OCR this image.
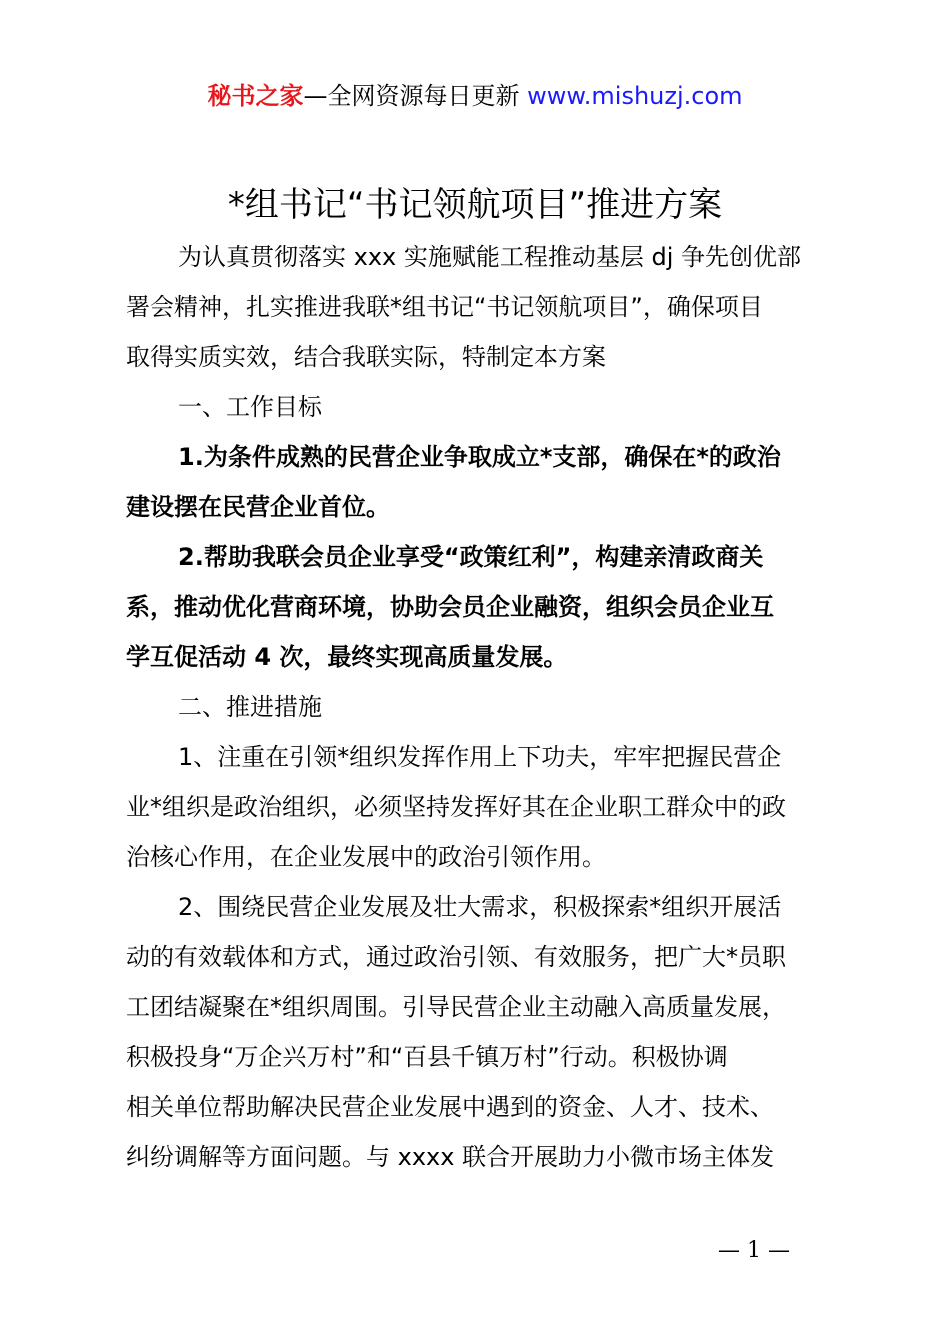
秘书之家—全网资源每日更新 www.mishuzj.com
*组书记“书记领航项目”推进方案
为认真贯彻落实 xxx 实施赋能工程推动基层 dj 争先创优部
署会精神，扎实推进我联*组书记“书记领航项目”，确保项目
取得实质实效，结合我联实际，特制定本方案
一、工作目标
1.为条件成熟的民营企业争取成立*支部，确保在*的政治
建设摆在民营企业首位。
2.帮助我联会员企业享受“政策红利”，构建亲清政商关
系，推动优化营商环境，协助会员企业融资，组织会员企业互
学互促活动 4 次，最终实现高质量发展。
二、推进措施
1、注重在引领*组织发挥作用上下功夫，牢牢把握民营企
业*组织是政治组织，必须坚持发挥好其在企业职工群众中的政
治核心作用，在企业发展中的政治引领作用。
2、围绕民营企业发展及壮大需求，积极探索*组织开展活
动的有效载体和方式，通过政治引领、有效服务，把广大*员职
工团结凝聚在*组织周围。引导民营企业主动融入高质量发展，
积极投身“万企兴万村”和“百县千镇万村”行动。积极协调
相关单位帮助解决民营企业发展中遇到的资金、人才、技术、
纠纷调解等方面问题。与 xxxx 联合开展助力小微市场主体发
— 1 —
